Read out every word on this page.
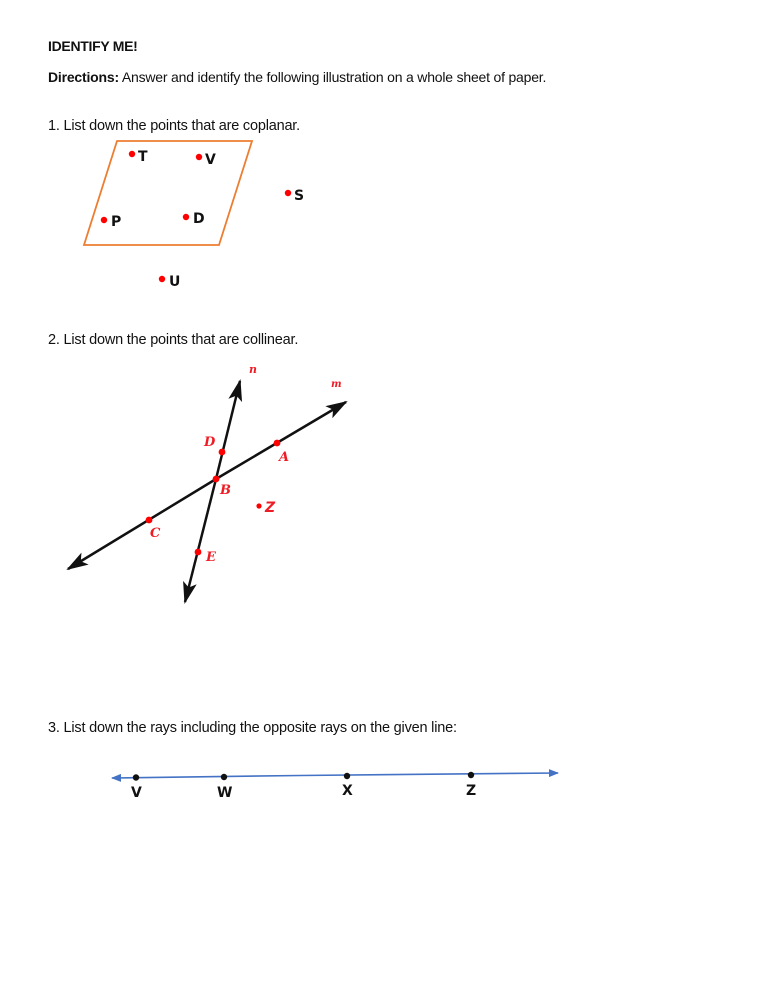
IDENTIFY ME!
Directions: Answer and identify the following illustration on a whole sheet of paper.
1. List down the points that are coplanar.
2. List down the points that are collinear.
3. List down the rays including the opposite rays on the given line:
T	V
S
P	D
U
n
m
D
A
B
Z
C
E
V	W	X	Z
